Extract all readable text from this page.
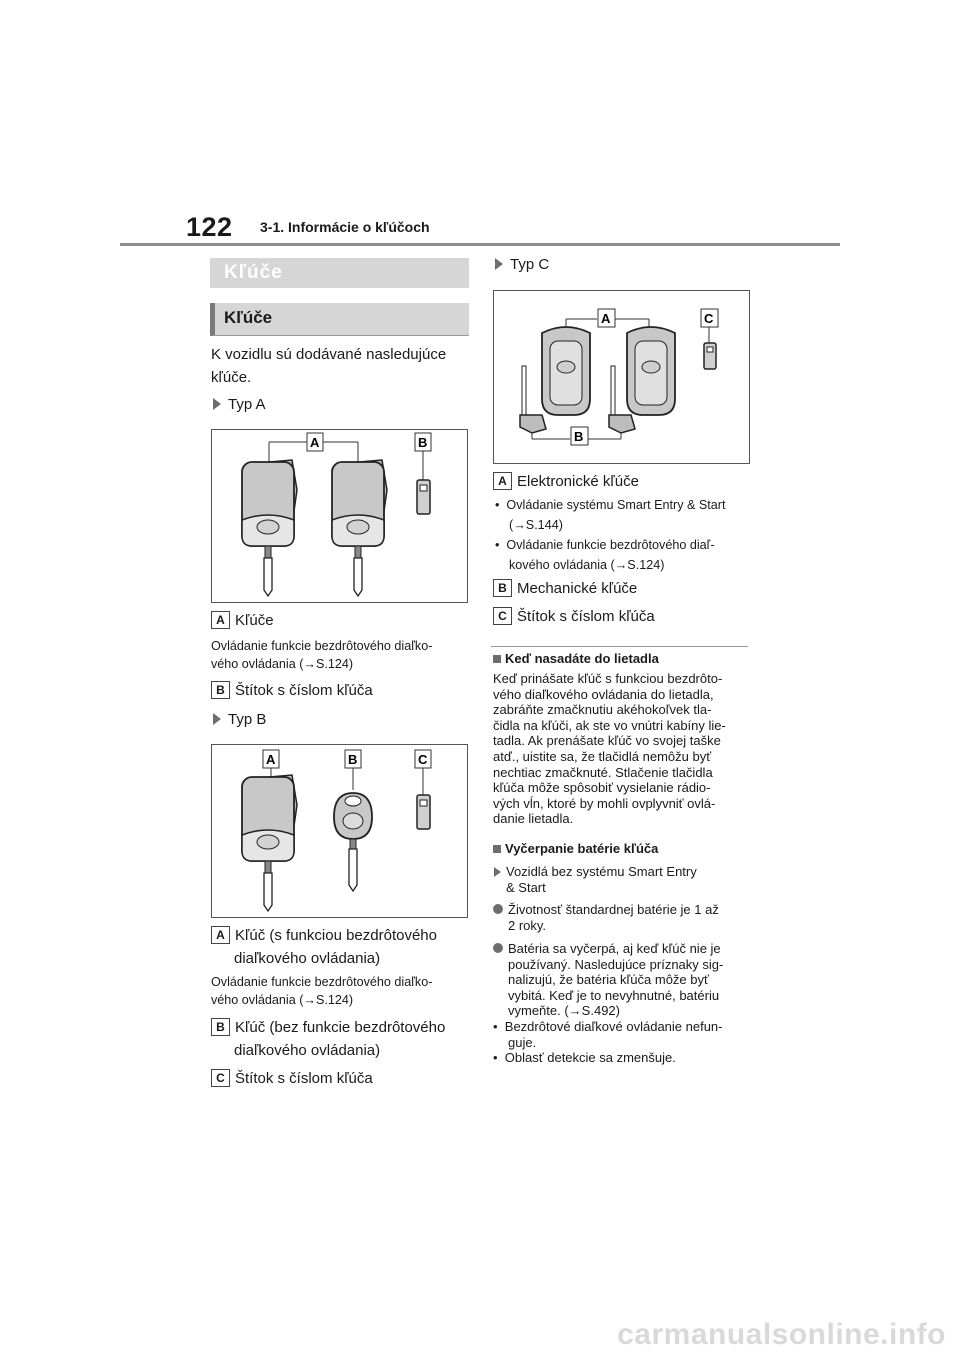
122 3-1. Informácie o kľúčoch
Kľúče
Kľúče
K vozidlu sú dodávané nasledujúce
kľúče.
Typ A
A	B
A Kľúče
Ovládanie funkcie bezdrôtového diaľko-
vého ovládania (→S.124)
B Štítok s číslom kľúča
Typ B
A	B	C
A Kľúč (s funkciou bezdrôtového
diaľkového ovládania)
Ovládanie funkcie bezdrôtového diaľko-
vého ovládania (→S.124)
B Kľúč (bez funkcie bezdrôtového
diaľkového ovládania)
C Štítok s číslom kľúča
Typ C
A	C
B
A Elektronické kľúče
•  Ovládanie systému Smart Entry & Start
(→S.144)
•  Ovládanie funkcie bezdrôtového diaľ-
kového ovládania (→S.124)
B Mechanické kľúče
C Štítok s číslom kľúča
Keď nasadáte do lietadla
Keď prinášate kľúč s funkciou bezdrôto-
vého diaľkového ovládania do lietadla,
zabráňte zmačknutiu akéhokoľvek tla-
čidla na kľúči, ak ste vo vnútri kabíny lie-
tadla. Ak prenášate kľúč vo svojej taške
atď., uistite sa, že tlačidlá nemôžu byť
nechtiac zmačknuté. Stlačenie tlačidla
kľúča môže spôsobiť vysielanie rádio-
vých vĺn, ktoré by mohli ovplyvniť ovlá-
danie lietadla.
Vyčerpanie batérie kľúča
Vozidlá bez systému Smart Entry
& Start
Životnosť štandardnej batérie je 1 až
2 roky.
Batéria sa vyčerpá, aj keď kľúč nie je
používaný. Nasledujúce príznaky sig-
nalizujú, že batéria kľúča môže byť
vybitá. Keď je to nevyhnutné, batériu
vymeňte. (→S.492)
•  Bezdrôtové diaľkové ovládanie nefun-
guje.
•  Oblasť detekcie sa zmenšuje.
carmanualsonline.info
